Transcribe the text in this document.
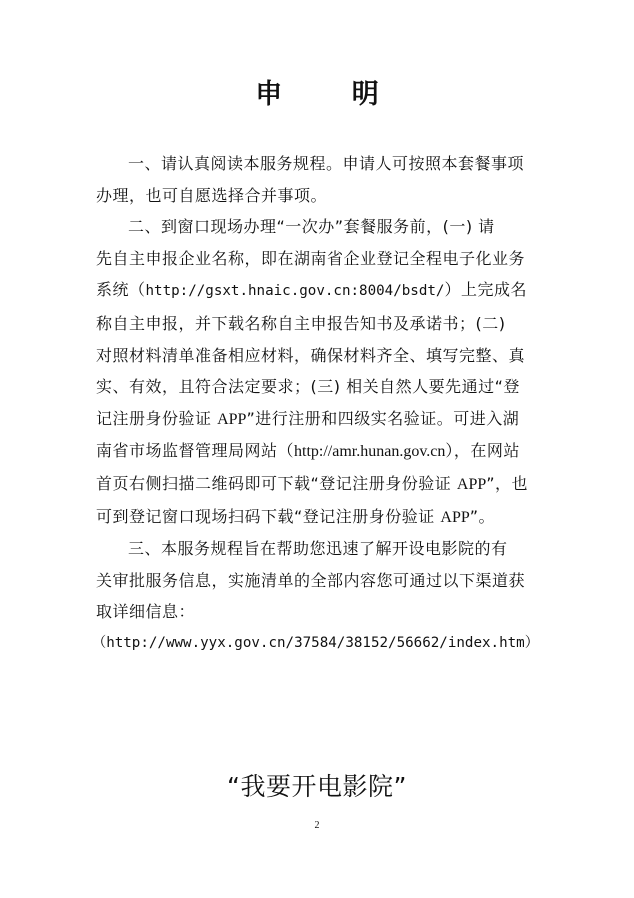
申 明

一、请认真阅读本服务规程。申请人可按照本套餐事项
办理，也可自愿选择合并事项。

二、到窗口现场办理“一次办”套餐服务前，(一) 请
先自主申报企业名称，即在湖南省企业登记全程电子化业务
系统（http://gsxt.hnaic.gov.cn:8004/bsdt/）上完成名
称自主申报，并下载名称自主申报告知书及承诺书；(二)
对照材料清单准备相应材料，确保材料齐全、填写完整、真
实、有效，且符合法定要求；(三) 相关自然人要先通过“登
记注册身份验证 APP”进行注册和四级实名验证。可进入湖
南省市场监督管理局网站（http://amr.hunan.gov.cn），在网站
首页右侧扫描二维码即可下载“登记注册身份验证 APP”，也
可到登记窗口现场扫码下载“登记注册身份验证 APP”。

三、本服务规程旨在帮助您迅速了解开设电影院的有
关审批服务信息，实施清单的全部内容您可通过以下渠道获
取详细信息：

（http://www.yyx.gov.cn/37584/38152/56662/index.htm）

“我要开电影院”

2
